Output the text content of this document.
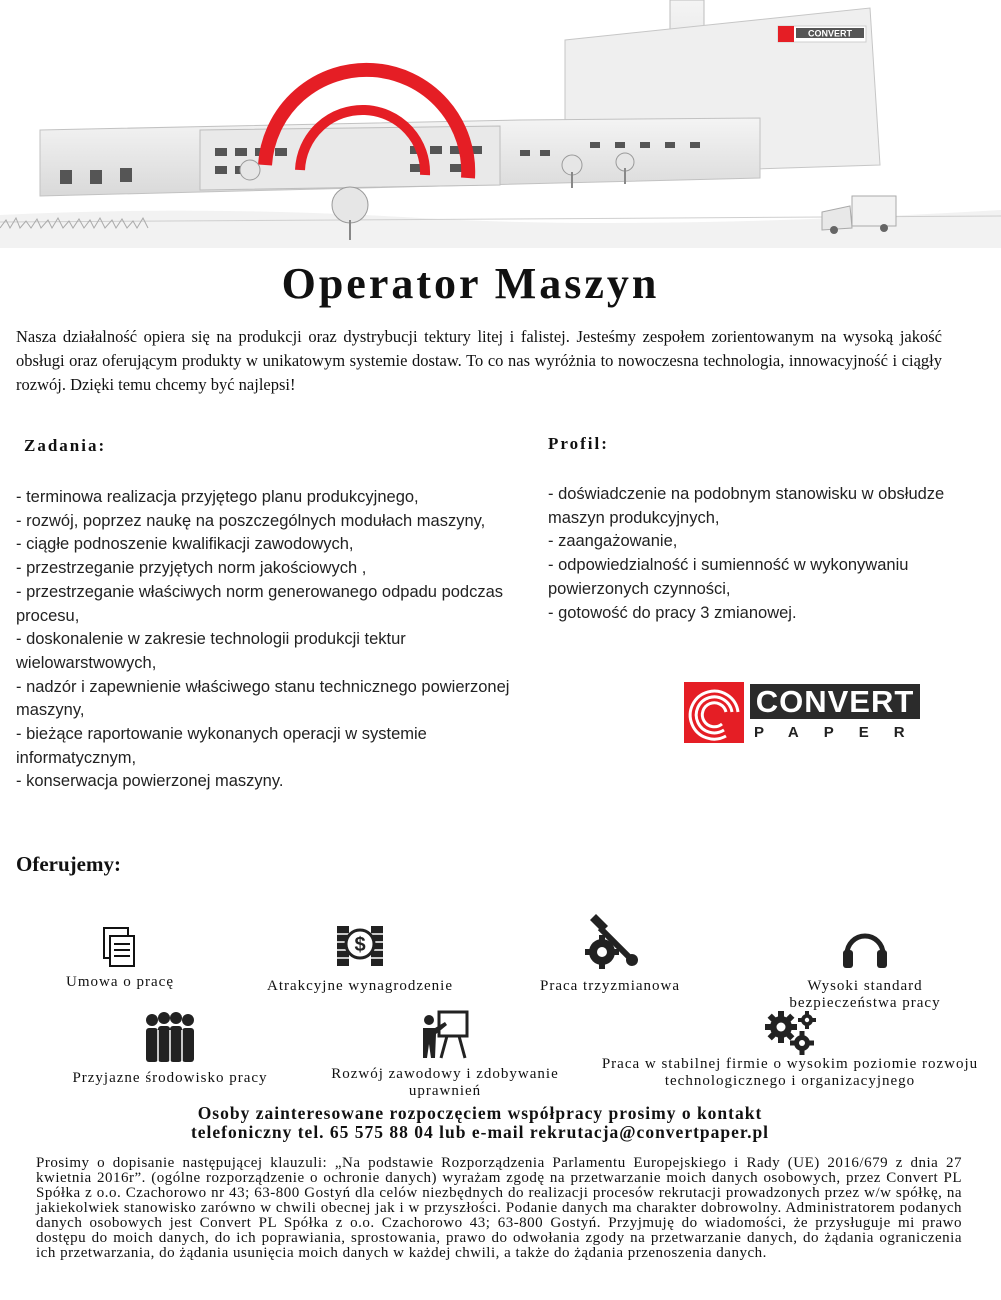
CONVERT
Operator Maszyn

Nasza działalność opiera się na produkcji oraz dystrybucji tektury litej i falistej. Jesteśmy zespołem zorientowanym na wysoką jakość obsługi oraz oferującym produkty w unikatowym systemie dostaw. To co nas wyróżnia to nowoczesna technologia, innowacyjność i ciągły rozwój. Dzięki temu chcemy być najlepsi!

Zadania:	Profil:
- terminowa realizacja przyjętego planu produkcyjnego,
- rozwój, poprzez naukę na poszczególnych modułach maszyny,
- ciągłe podnoszenie kwalifikacji zawodowych,
- przestrzeganie przyjętych norm jakościowych ,
- przestrzeganie właściwych norm generowanego odpadu podczas procesu,
- doskonalenie w zakresie technologii produkcji tektur wielowarstwowych,
- nadzór i zapewnienie właściwego stanu technicznego powierzonej maszyny,
- bieżące raportowanie wykonanych operacji w systemie informatycznym,
- konserwacja powierzonej maszyny.
- doświadczenie na podobnym stanowisku w obsłudze maszyn produkcyjnych,
- zaangażowanie,
- odpowiedzialność i sumienność w wykonywaniu powierzonych czynności,
- gotowość do pracy 3 zmianowej.
CONVERT
PAPER
Oferujemy:
Umowa o pracę
$
Atrakcyjne wynagrodzenie	Praca trzyzmianowa	Wysoki standard bezpieczeństwa pracy
Przyjazne środowisko pracy	Rozwój zawodowy i zdobywanie uprawnień
Praca w stabilnej firmie o wysokim poziomie rozwoju technologicznego i organizacyjnego
Osoby zainteresowane rozpoczęciem współpracy prosimy o kontakt
telefoniczny tel. 65 575 88 04 lub e-mail rekrutacja@convertpaper.pl

Prosimy o dopisanie następującej klauzuli: „Na podstawie Rozporządzenia Parlamentu Europejskiego i Rady (UE) 2016/679 z dnia 27 kwietnia 2016r”. (ogólne rozporządzenie o ochronie danych) wyrażam zgodę na przetwarzanie moich danych osobowych, przez Convert PL Spółka z o.o. Czachorowo nr 43; 63-800 Gostyń dla celów niezbędnych do realizacji procesów rekrutacji prowadzonych przez w/w spółkę, na jakiekolwiek stanowisko zarówno w chwili obecnej jak i w przyszłości. Podanie danych ma charakter dobrowolny. Administratorem podanych danych osobowych jest Convert PL Spółka z o.o. Czachorowo 43; 63-800 Gostyń. Przyjmuję do wiadomości, że przysługuje mi prawo dostępu do moich danych, do ich poprawiania, sprostowania, prawo do odwołania zgody na przetwarzanie danych, do żądania ograniczenia ich przetwarzania, do żądania usunięcia moich danych w każdej chwili, a także do żądania przenoszenia danych.
